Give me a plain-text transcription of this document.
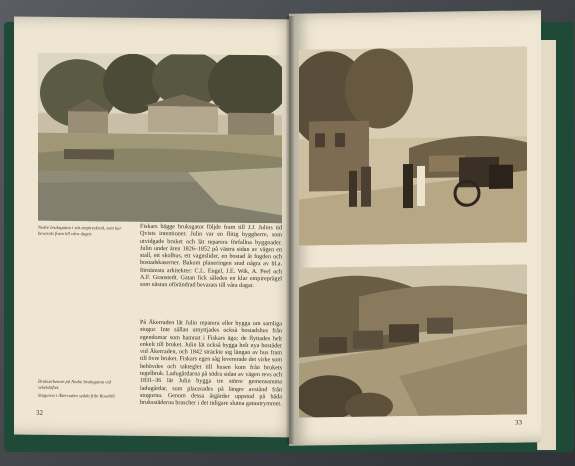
Nedre bruksgatan i sitt empireskrud, som har bevarats fram till våra dagar.

Fiskars bägge bruksgator följde fram till J.J. Julins tid Qvists intentioner. Julin var en flitig byggherre, som utvidgade bruket och lät reparera förfallna byggnader. Julin under åren 1826–1852 på västra sidan av vägen en stall, ett skolhus, ett vagnslider, en bostad åt fogden och bostadskaserner. Bakom planeringen stod några av bl.a. förnämsta arkitekter: C.L. Engel, J.E. Wik, A. Peel och A.F. Granstedt. Gatan fick således en klar empireprägel som nästan oförändrad bevarats till våra dagar.

På Åkerraden lät Julin reparera eller bygga om samliga stugor. Inte sällan utnyttjades också bostadshus från egendomar som hamnat i Fiskars ägo; de flyttades helt enkelt till bruket. Julin lät också bygga helt nya bostäder vid Åkerraden, och 1842 sträckte sig längan av hus fram till övre bruket. Fiskars egen såg levererade det virke som behövdes och takteglet till husen kom från brukets tegelbruk. Ladugårdarna på södra sidan av vägen revs och 1831–36 lät Julin bygga tre större gemensamma ladugårdar, som placerades på längre avstånd från stugorna. Genom dessa åtgärder uppstod på båda bruksstäderna brascher i det tidigare slutna gatuutrymmet.

Bruksarbetare på Nedre bruksgatan vid sekelskiftet.
Stugorna i Åkerraden sedda från Rosehill.
32
33
